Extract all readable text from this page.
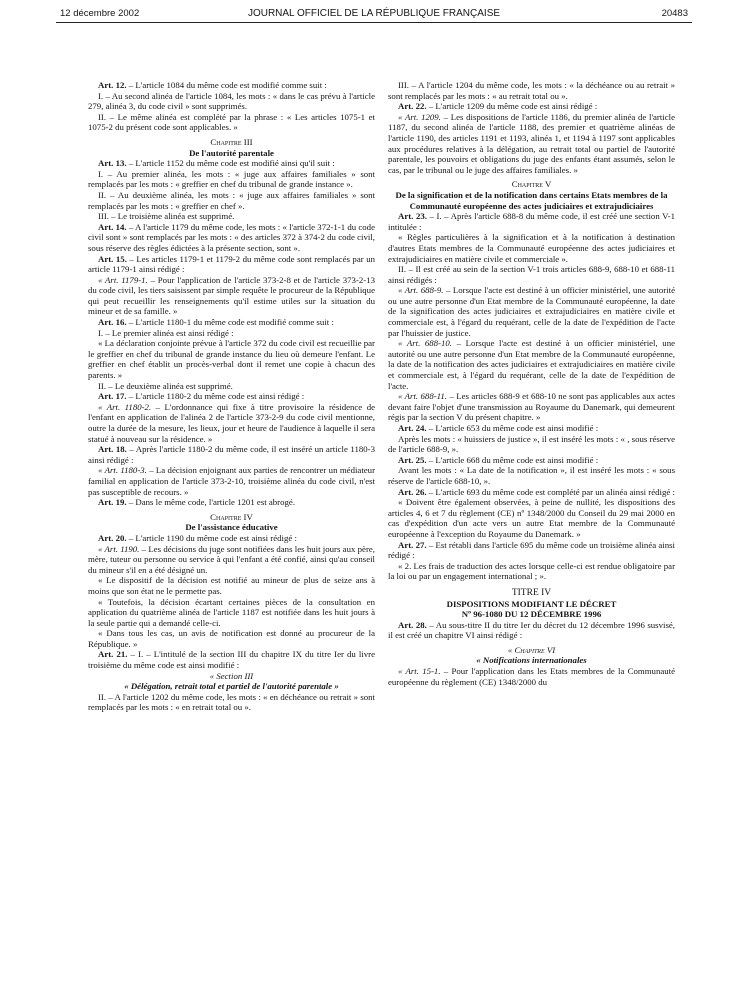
12 décembre 2002	JOURNAL OFFICIEL DE LA RÉPUBLIQUE FRANÇAISE	20483

Art. 12. – L'article 1084 du même code est modifié comme suit :

I. – Au second alinéa de l'article 1084, les mots : « dans le cas prévu à l'article 279, alinéa 3, du code civil » sont supprimés.

II. – Le même alinéa est complété par la phrase : « Les articles 1075-1 et 1075-2 du présent code sont applicables. »

Chapitre III

De l'autorité parentale

Art. 13. – L'article 1152 du même code est modifié ainsi qu'il suit :

I. – Au premier alinéa, les mots : « juge aux affaires familiales » sont remplacés par les mots : « greffier en chef du tribunal de grande instance ».

II. – Au deuxième alinéa, les mots : « juge aux affaires familiales » sont remplacés par les mots : « greffier en chef ».

III. – Le troisième alinéa est supprimé.

Art. 14. – A l'article 1179 du même code, les mots : « l'article 372-1-1 du code civil sont » sont remplacés par les mots : « des articles 372 à 374-2 du code civil, sous réserve des règles édictées à la présente section, sont ».

Art. 15. – Les articles 1179-1 et 1179-2 du même code sont remplacés par un article 1179-1 ainsi rédigé :

« Art. 1179-1. – Pour l'application de l'article 373-2-8 et de l'article 373-2-13 du code civil, les tiers saisissent par simple requête le procureur de la République qui peut recueillir les renseignements qu'il estime utiles sur la situation du mineur et de sa famille. »

Art. 16. – L'article 1180-1 du même code est modifié comme suit :

I. – Le premier alinéa est ainsi rédigé :

« La déclaration conjointe prévue à l'article 372 du code civil est recueillie par le greffier en chef du tribunal de grande instance du lieu où demeure l'enfant. Le greffier en chef établit un procès-verbal dont il remet une copie à chacun des parents. »

II. – Le deuxième alinéa est supprimé.

Art. 17. – L'article 1180-2 du même code est ainsi rédigé :

« Art. 1180-2. – L'ordonnance qui fixe à titre provisoire la résidence de l'enfant en application de l'alinéa 2 de l'article 373-2-9 du code civil mentionne, outre la durée de la mesure, les lieux, jour et heure de l'audience à laquelle il sera statué à nouveau sur la résidence. »

Art. 18. – Après l'article 1180-2 du même code, il est inséré un article 1180-3 ainsi rédigé :

« Art. 1180-3. – La décision enjoignant aux parties de rencontrer un médiateur familial en application de l'article 373-2-10, troisième alinéa du code civil, n'est pas susceptible de recours. »

Art. 19. – Dans le même code, l'article 1201 est abrogé.

Chapitre IV

De l'assistance éducative

Art. 20. – L'article 1190 du même code est ainsi rédigé :

« Art. 1190. – Les décisions du juge sont notifiées dans les huit jours aux père, mère, tuteur ou personne ou service à qui l'enfant a été confié, ainsi qu'au conseil du mineur s'il en a été désigné un.

« Le dispositif de la décision est notifié au mineur de plus de seize ans à moins que son état ne le permette pas.

« Toutefois, la décision écartant certaines pièces de la consultation en application du quatrième alinéa de l'article 1187 est notifiée dans les huit jours à la seule partie qui a demandé celle-ci.

« Dans tous les cas, un avis de notification est donné au procureur de la République. »

Art. 21. – I. – L'intitulé de la section III du chapitre IX du titre Ier du livre troisième du même code est ainsi modifié :

« Section III

« Délégation, retrait total et partiel de l'autorité parentale »

II. – A l'article 1202 du même code, les mots : « en déchéance ou retrait » sont remplacés par les mots : « en retrait total ou ».

III. – A l'article 1204 du même code, les mots : « la déchéance ou au retrait » sont remplacés par les mots : « au retrait total ou ».

Art. 22. – L'article 1209 du même code est ainsi rédigé :

« Art. 1209. – Les dispositions de l'article 1186, du premier alinéa de l'article 1187, du second alinéa de l'article 1188, des premier et quatrième alinéas de l'article 1190, des articles 1191 et 1193, alinéa 1, et 1194 à 1197 sont applicables aux procédures relatives à la délégation, au retrait total ou partiel de l'autorité parentale, les pouvoirs et obligations du juge des enfants étant assumés, selon le cas, par le tribunal ou le juge des affaires familiales. »

Chapitre V

De la signification et de la notification dans certains Etats membres de la Communauté européenne des actes judiciaires et extrajudiciaires

Art. 23. – I. – Après l'article 688-8 du même code, il est créé une section V-1 intitulée :

« Règles particulières à la signification et à la notification à destination d'autres Etats membres de la Communauté européenne des actes judiciaires et extrajudiciaires en matière civile et commerciale ».

II. – Il est créé au sein de la section V-1 trois articles 688-9, 688-10 et 688-11 ainsi rédigés :

« Art. 688-9. – Lorsque l'acte est destiné à un officier ministériel, une autorité ou une autre personne d'un Etat membre de la Communauté européenne, la date de la signification des actes judiciaires et extrajudiciaires en matière civile et commerciale est, à l'égard du requérant, celle de la date de l'expédition de l'acte par l'huissier de justice.

« Art. 688-10. – Lorsque l'acte est destiné à un officier ministériel, une autorité ou une autre personne d'un Etat membre de la Communauté européenne, la date de la notification des actes judiciaires et extrajudiciaires en matière civile et commerciale est, à l'égard du requérant, celle de la date de l'expédition de l'acte.

« Art. 688-11. – Les articles 688-9 et 688-10 ne sont pas applicables aux actes devant faire l'objet d'une transmission au Royaume du Danemark, qui demeurent régis par la section V du présent chapitre. »

Art. 24. – L'article 653 du même code est ainsi modifié :

Après les mots : « huissiers de justice », il est inséré les mots : « , sous réserve de l'article 688-9, ».

Art. 25. – L'article 668 du même code est ainsi modifié :

Avant les mots : « La date de la notification », il est inséré les mots : « sous réserve de l'article 688-10, ».

Art. 26. – L'article 693 du même code est complété par un alinéa ainsi rédigé :

« Doivent être également observées, à peine de nullité, les dispositions des articles 4, 6 et 7 du règlement (CE) nº 1348/2000 du Conseil du 29 mai 2000 en cas d'expédition d'un acte vers un autre Etat membre de la Communauté européenne à l'exception du Royaume du Danemark. »

Art. 27. – Est rétabli dans l'article 695 du même code un troisième alinéa ainsi rédigé :

« 2. Les frais de traduction des actes lorsque celle-ci est rendue obligatoire par la loi ou par un engagement international ; ».

TITRE IV

DISPOSITIONS MODIFIANT LE DÉCRET

Nº 96-1080 DU 12 DÉCEMBRE 1996

Art. 28. – Au sous-titre II du titre Ier du décret du 12 décembre 1996 susvisé, il est créé un chapitre VI ainsi rédigé :

« Chapitre VI

« Notifications internationales

« Art. 15-1. – Pour l'application dans les Etats membres de la Communauté européenne du règlement (CE) 1348/2000 du
